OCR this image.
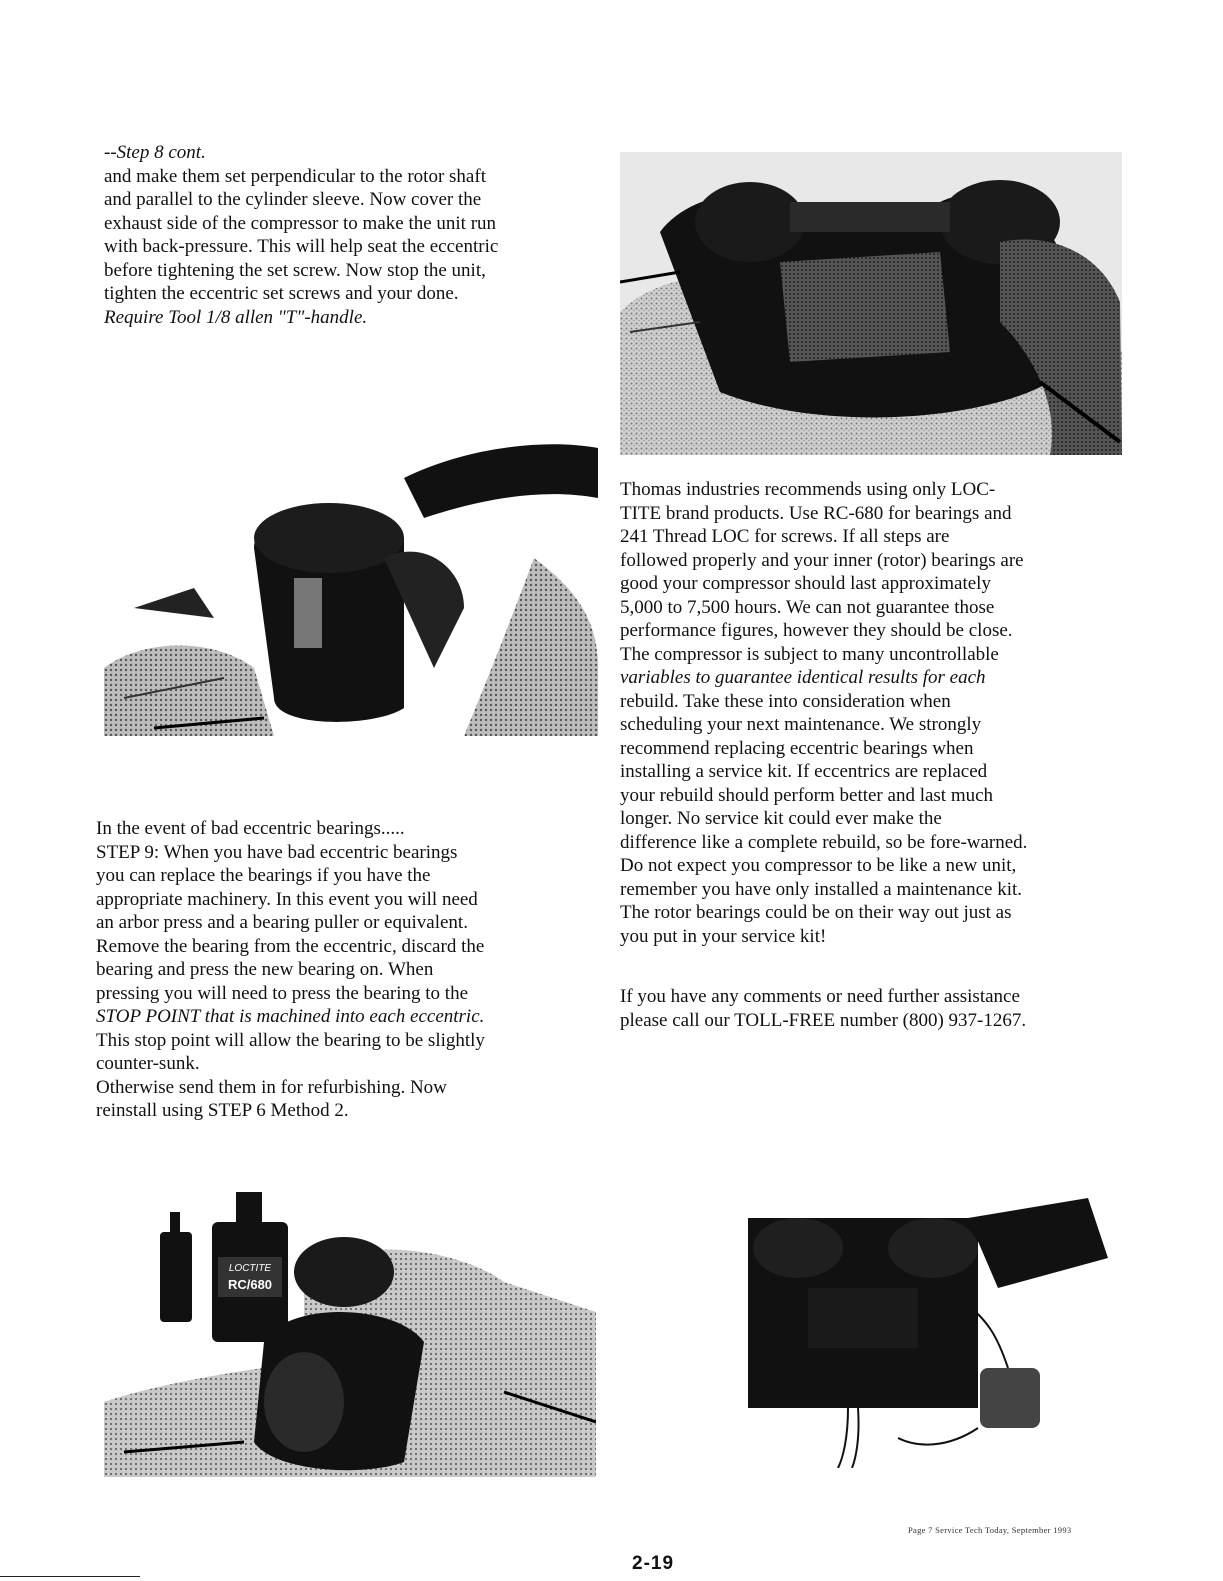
--Step 8 cont.
and make them set perpendicular to the rotor shaft
and parallel to the cylinder sleeve. Now cover the
exhaust side of the compressor to make the unit run
with back-pressure. This will help seat the eccentric
before tightening the set screw. Now stop the unit,
tighten the eccentric set screws and your done.
Require Tool 1/8 allen "T"-handle.
Thomas industries recommends using only LOC-
TITE brand products. Use RC-680 for bearings and
241 Thread LOC for screws. If all steps are
followed properly and your inner (rotor) bearings are
good your compressor should last approximately
5,000 to 7,500 hours. We can not guarantee those
performance figures, however they should be close.
The compressor is subject to many uncontrollable
variables to guarantee identical results for each
rebuild. Take these into consideration when
scheduling your next maintenance. We strongly
recommend replacing eccentric bearings when
installing a service kit. If eccentrics are replaced
your rebuild should perform better and last much
longer. No service kit could ever make the
difference like a complete rebuild, so be fore-warned.
Do not expect you compressor to be like a new unit,
remember you have only installed a maintenance kit.
The rotor bearings could be on their way out just as
you put in your service kit!
If you have any comments or need further assistance
please call our TOLL-FREE number (800) 937-1267.
In the event of bad eccentric bearings.....
STEP 9: When you have bad eccentric bearings
you can replace the bearings if you have the
appropriate machinery. In this event you will need
an arbor press and a bearing puller or equivalent.
Remove the bearing from the eccentric, discard the
bearing and press the new bearing on. When
pressing you will need to press the bearing to the
STOP POINT that is machined into each eccentric.
This stop point will allow the bearing to be slightly
counter-sunk.
Otherwise send them in for refurbishing. Now
reinstall using STEP 6 Method 2.
LOCTITE
RC/680
Page 7 Service Tech Today, September 1993
2-19
